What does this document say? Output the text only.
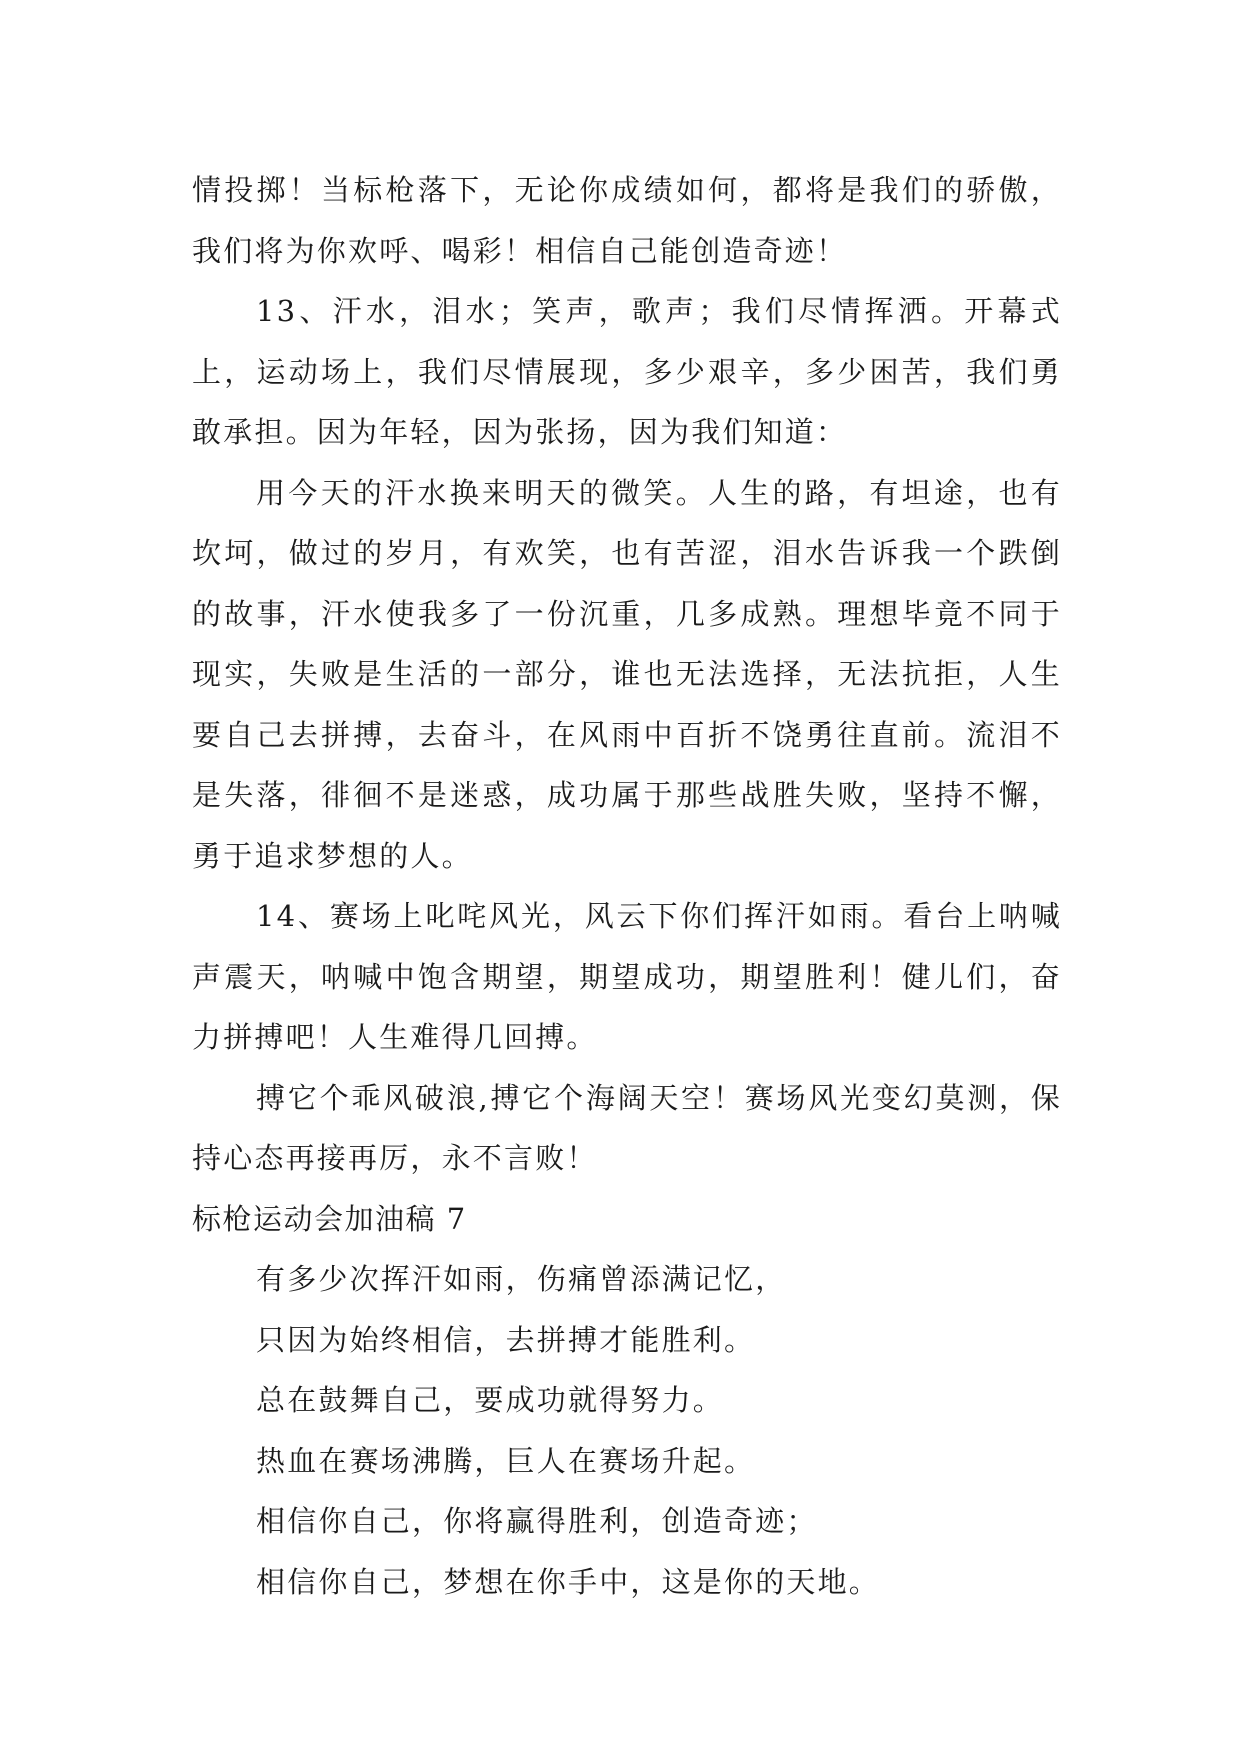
情投掷！当标枪落下，无论你成绩如何，都将是我们的骄傲，我们将为你欢呼、喝彩！相信自己能创造奇迹！

13、汗水，泪水；笑声，歌声；我们尽情挥洒。开幕式上，运动场上，我们尽情展现，多少艰辛，多少困苦，我们勇敢承担。因为年轻，因为张扬，因为我们知道：

用今天的汗水换来明天的微笑。人生的路，有坦途，也有坎坷，做过的岁月，有欢笑，也有苦涩，泪水告诉我一个跌倒的故事，汗水使我多了一份沉重，几多成熟。理想毕竟不同于现实，失败是生活的一部分，谁也无法选择，无法抗拒，人生要自己去拼搏，去奋斗，在风雨中百折不饶勇往直前。流泪不是失落，徘徊不是迷惑，成功属于那些战胜失败，坚持不懈，勇于追求梦想的人。

14、赛场上叱咤风光，风云下你们挥汗如雨。看台上呐喊声震天，呐喊中饱含期望，期望成功，期望胜利！健儿们，奋力拼搏吧！人生难得几回搏。

搏它个乖风破浪,搏它个海阔天空！赛场风光变幻莫测，保持心态再接再厉，永不言败！

标枪运动会加油稿 7

有多少次挥汗如雨，伤痛曾添满记忆，

只因为始终相信，去拼搏才能胜利。

总在鼓舞自己，要成功就得努力。

热血在赛场沸腾，巨人在赛场升起。

相信你自己，你将赢得胜利，创造奇迹；

相信你自己，梦想在你手中，这是你的天地。
